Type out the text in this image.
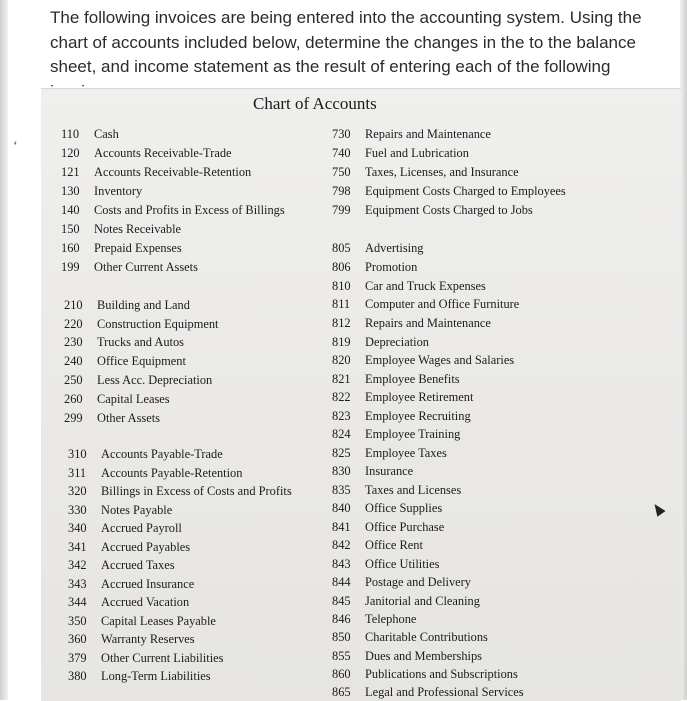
The following invoices are being entered into the accounting system. Using the chart of accounts included below, determine the changes in the to the balance sheet, and income statement as the result of entering each of the following

Chart of Accounts
110 Cash
120 Accounts Receivable-Trade
121 Accounts Receivable-Retention
130 Inventory
140 Costs and Profits in Excess of Billings
150 Notes Receivable
160 Prepaid Expenses
199 Other Current Assets
210 Building and Land
220 Construction Equipment
230 Trucks and Autos
240 Office Equipment
250 Less Acc. Depreciation
260 Capital Leases
299 Other Assets
310 Accounts Payable-Trade
311 Accounts Payable-Retention
320 Billings in Excess of Costs and Profits
330 Notes Payable
340 Accrued Payroll
341 Accrued Payables
342 Accrued Taxes
343 Accrued Insurance
344 Accrued Vacation
350 Capital Leases Payable
360 Warranty Reserves
379 Other Current Liabilities
380 Long-Term Liabilities
730 Repairs and Maintenance
740 Fuel and Lubrication
750 Taxes, Licenses, and Insurance
798 Equipment Costs Charged to Employees
799 Equipment Costs Charged to Jobs
805 Advertising
806 Promotion
810 Car and Truck Expenses
811 Computer and Office Furniture
812 Repairs and Maintenance
819 Depreciation
820 Employee Wages and Salaries
821 Employee Benefits
822 Employee Retirement
823 Employee Recruiting
824 Employee Training
825 Employee Taxes
830 Insurance
835 Taxes and Licenses
840 Office Supplies
841 Office Purchase
842 Office Rent
843 Office Utilities
844 Postage and Delivery
845 Janitorial and Cleaning
846 Telephone
850 Charitable Contributions
855 Dues and Memberships
860 Publications and Subscriptions
865 Legal and Professional Services
‘
